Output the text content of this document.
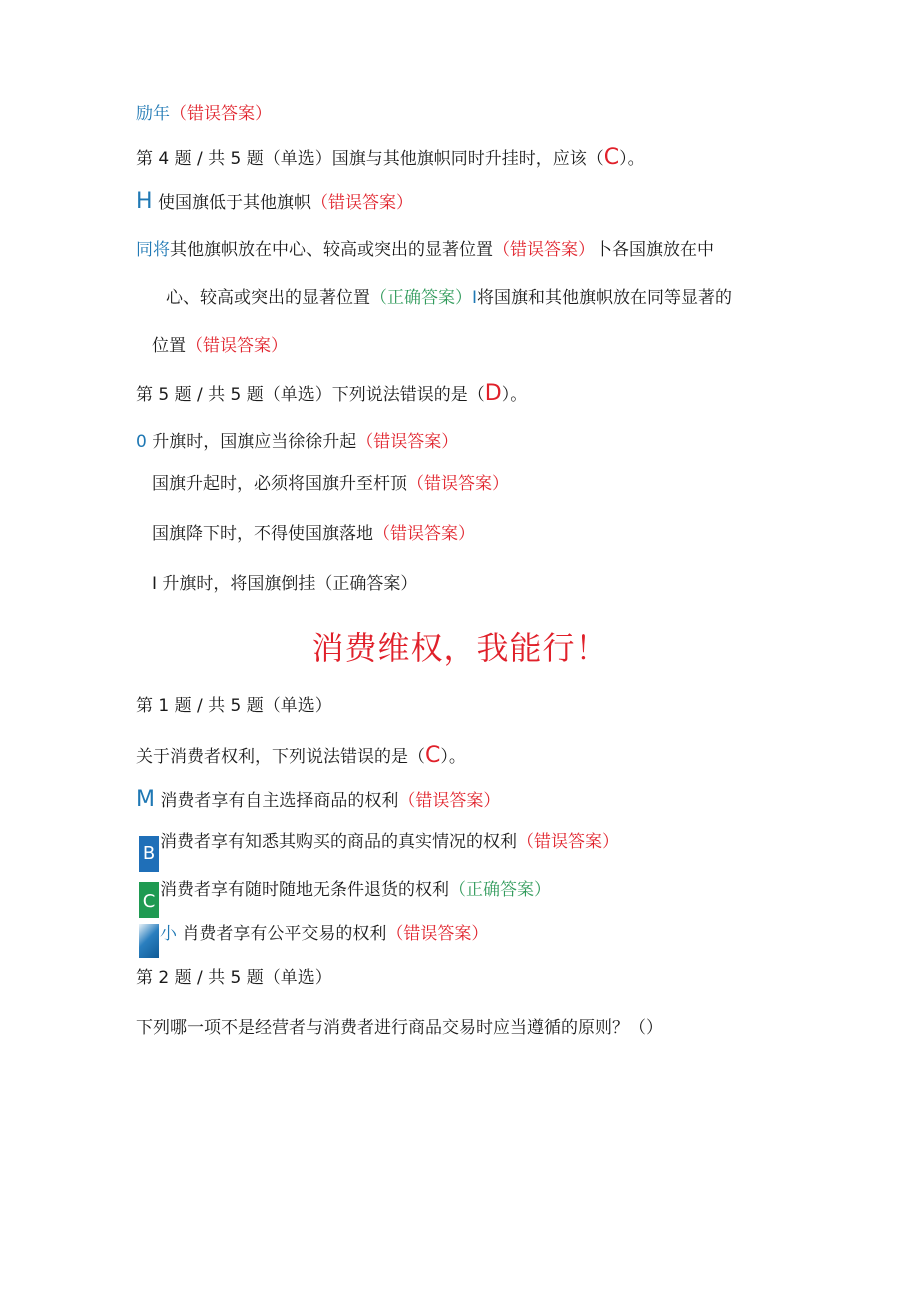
励年（错误答案）
第 4 题 / 共 5 题（单选）国旗与其他旗帜同时升挂时，应该（C）。
H 使国旗低于其他旗帜（错误答案）
同将其他旗帜放在中心、较高或突出的显著位置（错误答案）卜各国旗放在中
心、较高或突出的显著位置（正确答案）I将国旗和其他旗帜放在同等显著的
位置（错误答案）
第 5 题 / 共 5 题（单选）下列说法错误的是（D）。
0 升旗时，国旗应当徐徐升起（错误答案）
国旗升起时，必须将国旗升至杆顶（错误答案）
国旗降下时，不得使国旗落地（错误答案）
I 升旗时，将国旗倒挂（正确答案）
消费维权，我能行！
第 1 题 / 共 5 题（单选）
关于消费者权利，下列说法错误的是（C）。
M 消费者享有自主选择商品的权利（错误答案）
B
消费者享有知悉其购买的商品的真实情况的权利（错误答案）
C
消费者享有随时随地无条件退货的权利（正确答案）
小 肖费者享有公平交易的权利（错误答案）
第 2 题 / 共 5 题（单选）
下列哪一项不是经营者与消费者进行商品交易时应当遵循的原则？（）
